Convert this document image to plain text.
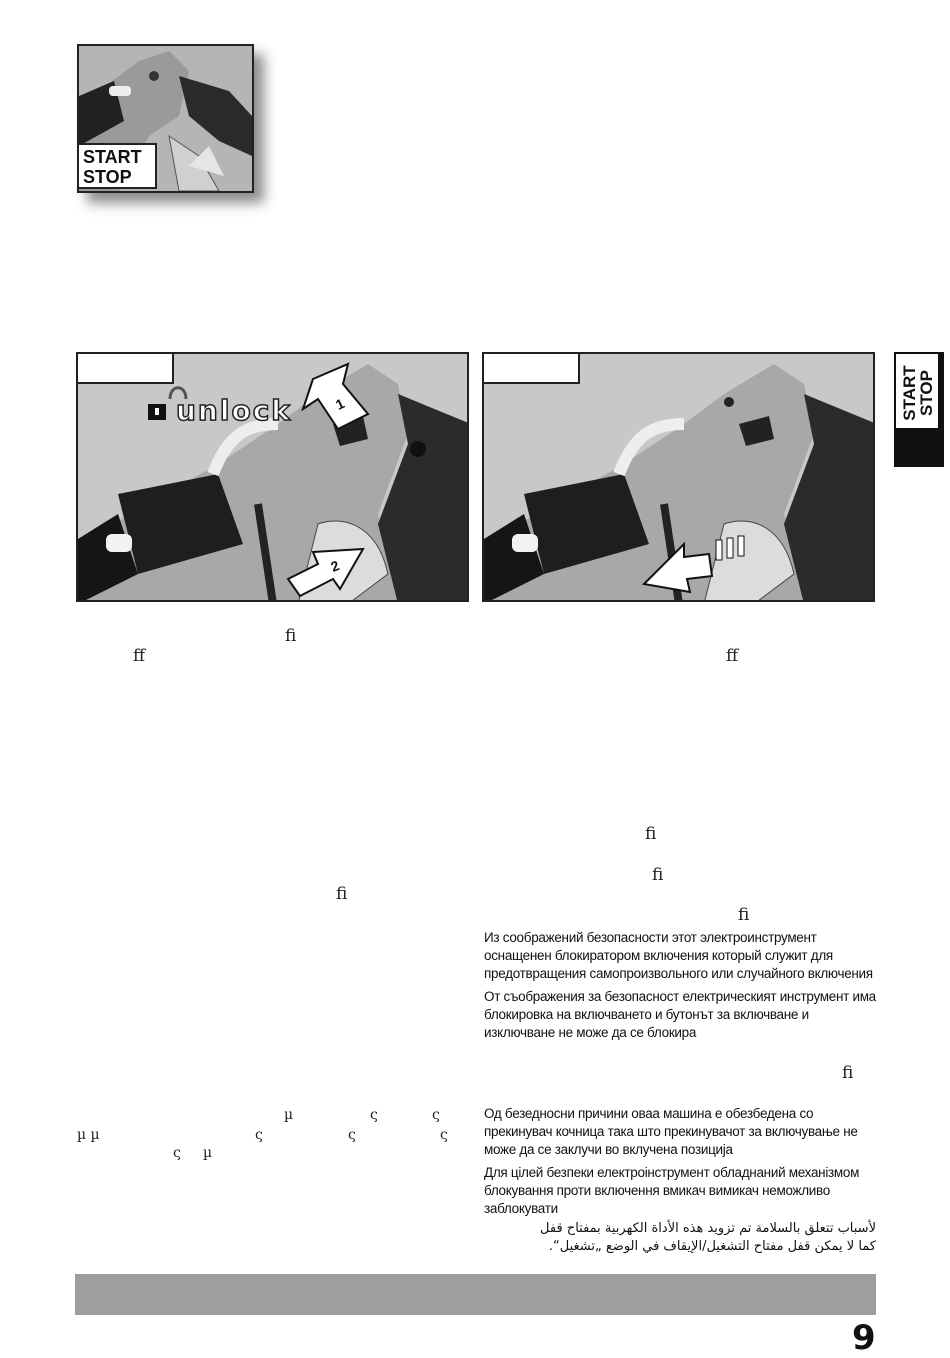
START
STOP
START
STOP
unlock	1
2
ﬁ
ﬀ	ﬀ
ﬁ
ﬁ
ﬁ
ﬁ
ﬁ
µ	ς	ς
µ µ	ς	ς	ς
ς µ
Из соображений безопасности этот электроинструмент оснащенен блокиратором включения который служит для предотвращения самопроизвольного или случайного включения
От съображения за безопасност електрическият инструмент има блокировка на включването и бутонът за включване и изключване не може да се блокира
Од безедносни причини оваа машина е обезбедена со прекинувач кочница така што прекинувачот за включување не може да се заклучи во вклучена позиција
Для цілей безпеки електроінструмент обладнаний механізмом блокування проти включення вмикач вимикач неможливо заблокувати
لأسباب تتعلق بالسلامة تم تزويد هذه الأداة الكهربية بمفتاح قفل
كما لا يمكن قفل مفتاح التشغيل/الإيقاف في الوضع „تشغيل“.
9
